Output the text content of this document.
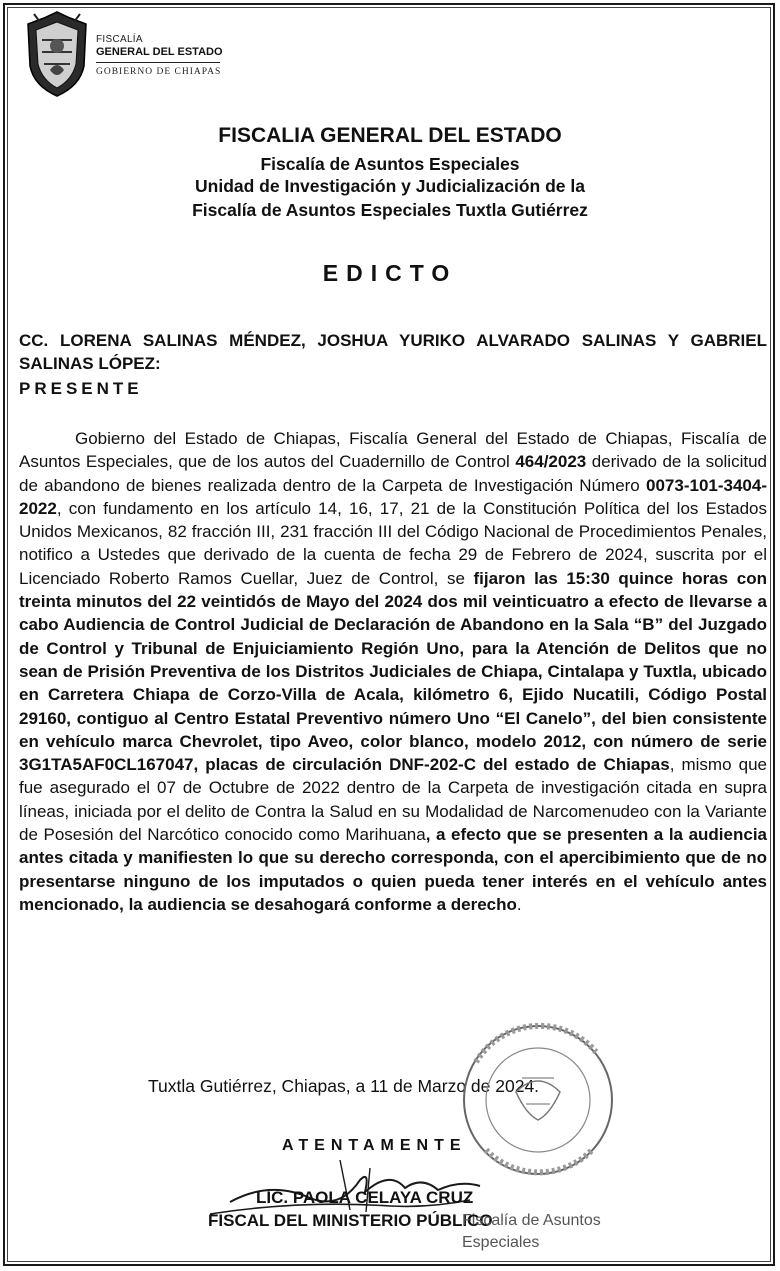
FISCALÍA
GENERAL DEL ESTADO
GOBIERNO DE CHIAPAS
FISCALIA GENERAL DEL ESTADO
Fiscalía de Asuntos Especiales
Unidad de Investigación y Judicialización de la
Fiscalía de Asuntos Especiales Tuxtla Gutiérrez
EDICTO
CC. LORENA SALINAS MÉNDEZ, JOSHUA YURIKO ALVARADO SALINAS Y GABRIEL SALINAS LÓPEZ:
PRESENTE
Gobierno del Estado de Chiapas, Fiscalía General del Estado de Chiapas, Fiscalía de Asuntos Especiales, que de los autos del Cuadernillo de Control 464/2023 derivado de la solicitud de abandono de bienes realizada dentro de la Carpeta de Investigación Número 0073-101-3404-2022, con fundamento en los artículo 14, 16, 17, 21 de la Constitución Política del los Estados Unidos Mexicanos, 82 fracción III, 231 fracción III del Código Nacional de Procedimientos Penales, notifico a Ustedes que derivado de la cuenta de fecha 29 de Febrero de 2024, suscrita por el Licenciado Roberto Ramos Cuellar, Juez de Control, se fijaron las 15:30 quince horas con treinta minutos del 22 veintidós de Mayo del 2024 dos mil veinticuatro a efecto de llevarse a cabo Audiencia de Control Judicial de Declaración de Abandono en la Sala “B” del Juzgado de Control y Tribunal de Enjuiciamiento Región Uno, para la Atención de Delitos que no sean de Prisión Preventiva de los Distritos Judiciales de Chiapa, Cintalapa y Tuxtla, ubicado en Carretera Chiapa de Corzo-Villa de Acala, kilómetro 6, Ejido Nucatili, Código Postal 29160, contiguo al Centro Estatal Preventivo número Uno “El Canelo”, del bien consistente en vehículo marca Chevrolet, tipo Aveo, color blanco, modelo 2012, con número de serie 3G1TA5AF0CL167047, placas de circulación DNF-202-C del estado de Chiapas, mismo que fue asegurado el 07 de Octubre de 2022 dentro de la Carpeta de investigación citada en supra líneas, iniciada por el delito de Contra la Salud en su Modalidad de Narcomenudeo con la Variante de Posesión del Narcótico conocido como Marihuana, a efecto que se presenten a la audiencia antes citada y manifiesten lo que su derecho corresponda, con el apercibimiento que de no presentarse ninguno de los imputados o quien pueda tener interés en el vehículo antes mencionado, la audiencia se desahogará conforme a derecho.
Tuxtla Gutiérrez, Chiapas, a 11 de Marzo de 2024.
ATENTAMENTE
LIC. PAOLA CELAYA CRUZ
FISCAL DEL MINISTERIO PÚBLICO
Fiscalía de Asuntos
Especiales
